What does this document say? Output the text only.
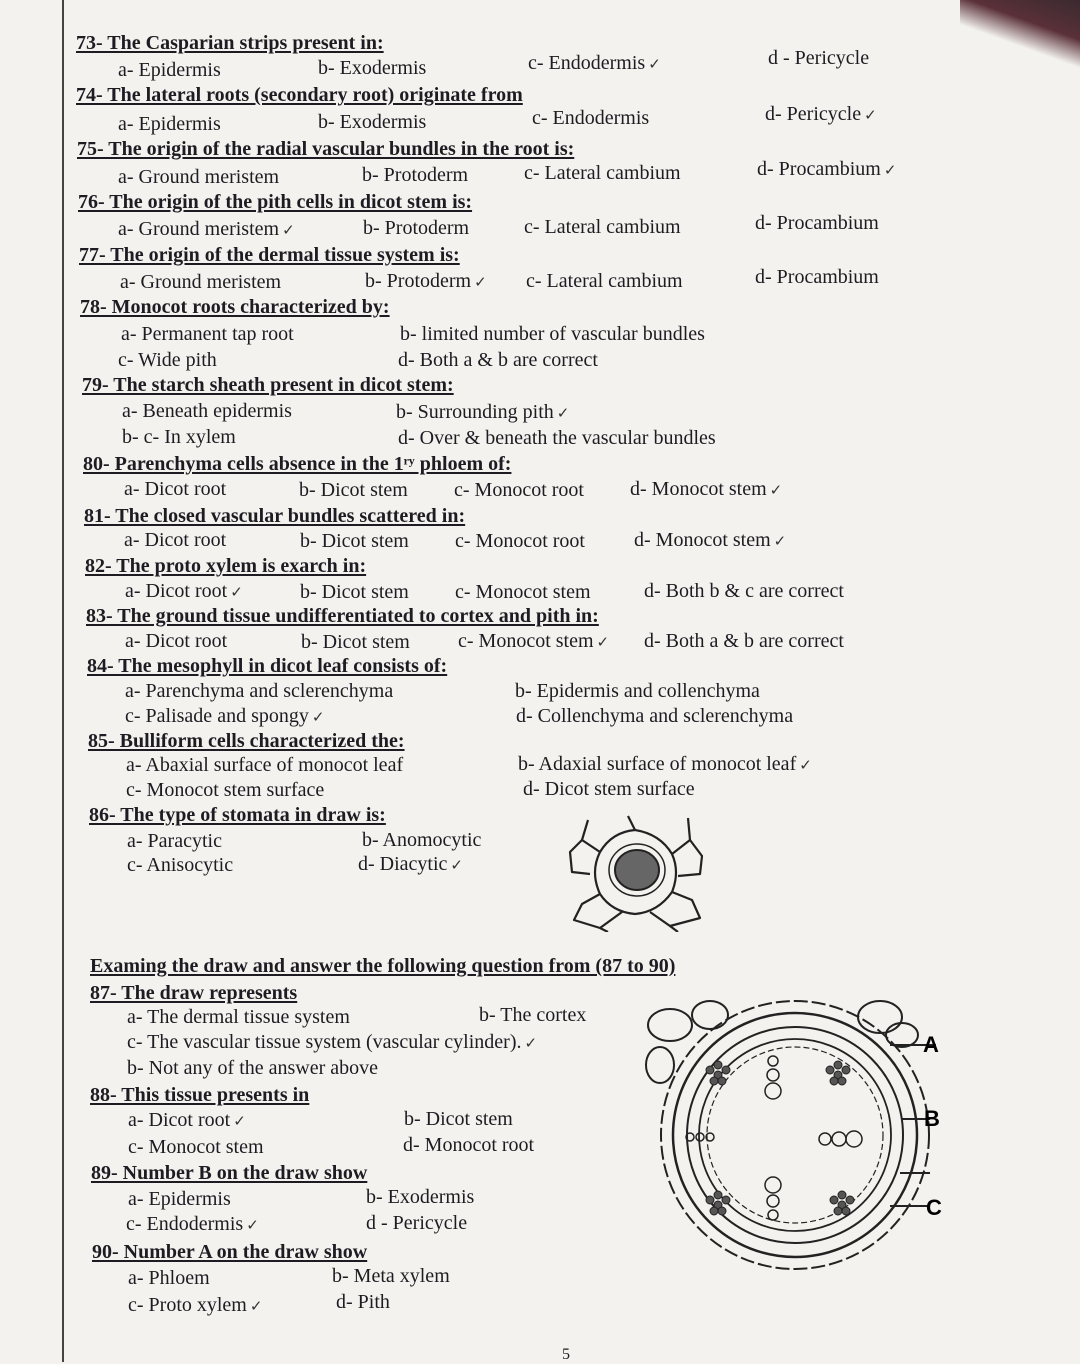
73- The Casparian strips present in:
a- Epidermis	b- Exodermis	c- Endodermis ✓	d - Pericycle
74- The lateral roots (secondary root) originate from
a- Epidermis	b- Exodermis	c- Endodermis	d- Pericycle ✓
75- The origin of the radial vascular bundles in the root is:
a- Ground meristem	b- Protoderm	c- Lateral cambium	d- Procambium ✓
76- The origin of the pith cells in dicot stem is:
a- Ground meristem ✓	b- Protoderm	c- Lateral cambium	d- Procambium
77- The origin of the dermal tissue system is:
a- Ground meristem	b- Protoderm ✓ c- Lateral cambium	d- Procambium
78- Monocot roots characterized by:
a- Permanent tap root	b- limited number of vascular bundles
c- Wide pith	d- Both a & b are correct
79- The starch sheath present in dicot stem:
a- Beneath epidermis	b- Surrounding pith ✓
b- c- In xylem	d- Over & beneath the vascular bundles
80- Parenchyma cells absence in the 1ʳʸ phloem of:
a- Dicot root	b- Dicot stem c- Monocot root d- Monocot stem ✓
81- The closed vascular bundles scattered in:
a- Dicot root	b- Dicot stem c- Monocot root d- Monocot stem ✓
82- The proto xylem is exarch in:
a- Dicot root ✓	b- Dicot stem c- Monocot stem	d- Both b & c are correct
83- The ground tissue undifferentiated to cortex and pith in:
a- Dicot root	b- Dicot stem c- Monocot stem ✓ d- Both a & b are correct
84- The mesophyll in dicot leaf consists of:
a- Parenchyma and sclerenchyma	b- Epidermis and collenchyma
c- Palisade and spongy ✓	d- Collenchyma and sclerenchyma
85- Bulliform cells characterized the:
a- Abaxial surface of monocot leaf	b- Adaxial surface of monocot leaf ✓
c- Monocot stem surface	d- Dicot stem surface
86- The type of stomata in draw is:
a- Paracytic	b- Anomocytic
c- Anisocytic	d- Diacytic ✓
Examing the draw and answer the following question from (87 to 90)
87- The draw represents
a- The dermal tissue system	b- The cortex
c- The vascular tissue system (vascular cylinder). ✓
b- Not any of the answer above
88- This tissue presents in
a- Dicot root ✓	b- Dicot stem
c- Monocot stem	d- Monocot root
89- Number B on the draw show
a- Epidermis	b- Exodermis
c- Endodermis ✓	d - Pericycle
90- Number A on the draw show
a- Phloem	b- Meta xylem
c- Proto xylem ✓	d- Pith
A
B
C
5
